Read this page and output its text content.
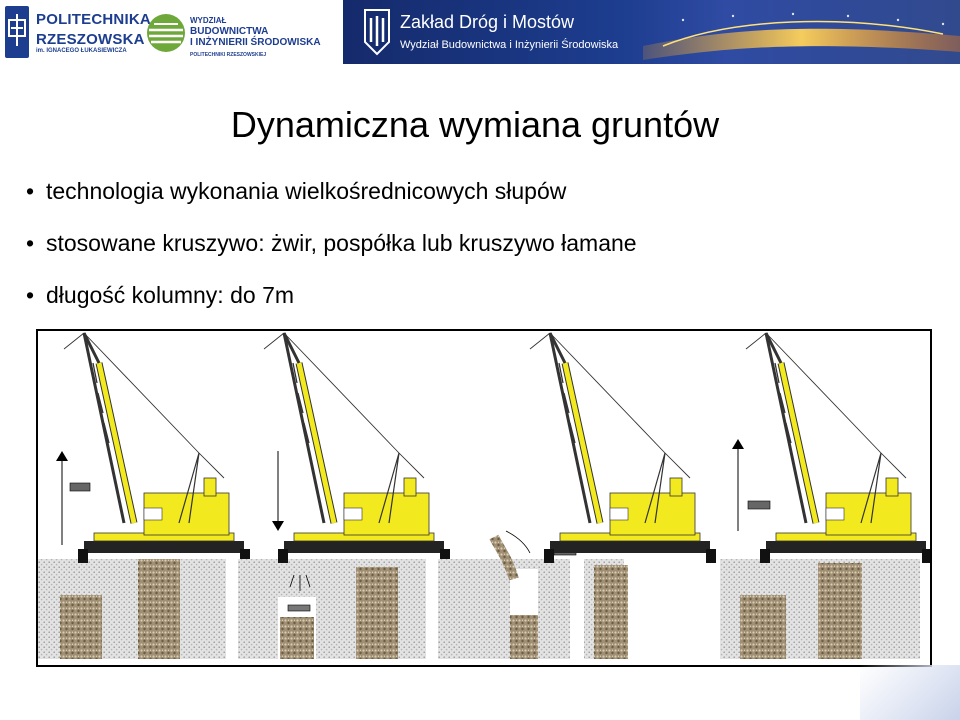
POLITECHNIKA
RZESZOWSKA
im. IGNACEGO ŁUKASIEWICZA
WYDZIAŁ
BUDOWNICTWA
I INŻYNIERII ŚRODOWISKA
POLITECHNIKI RZESZOWSKIEJ
Zakład Dróg i Mostów
Wydział Budownictwa i Inżynierii Środowiska
Dynamiczna wymiana gruntów
• technologia wykonania wielkośrednicowych słupów
• stosowane kruszywo: żwir, pospółka lub kruszywo łamane
• długość kolumny: do 7m
